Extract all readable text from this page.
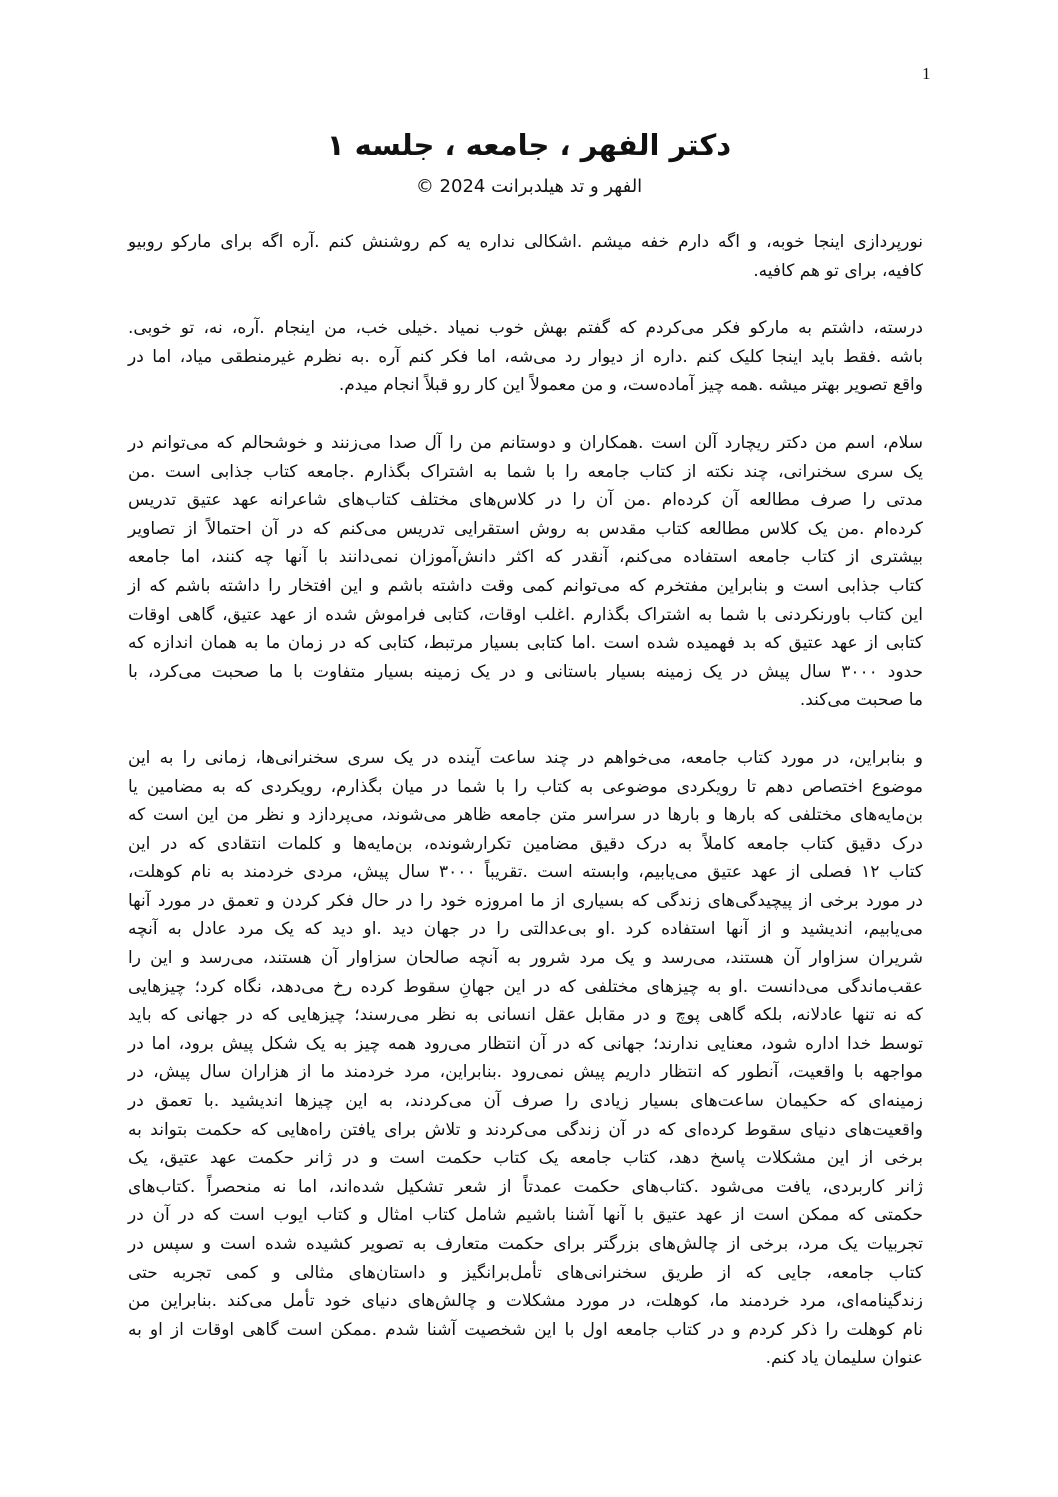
1
دکتر الفهر ، جامعه ، جلسه ۱
الفهر و تد هیلدبرانت 2024 ©
نورپردازی اینجا خوبه، و اگه دارم خفه میشم .اشکالی نداره یه کم روشنش کنم .آره اگه برای مارکو روبیو
کافیه، برای تو هم کافیه.
درسته، داشتم به مارکو فکر می‌کردم که گفتم بهش خوب نمیاد .خیلی خب، من اینجام .آره، نه، تو خوبی.
باشه .فقط باید اینجا کلیک کنم .داره از دیوار رد می‌شه، اما فکر کنم آره .به نظرم غیرمنطقی میاد، اما در
واقع تصویر بهتر میشه .همه چیز آماده‌ست، و من معمولاً این کار رو قبلاً انجام میدم.
سلام، اسم من دکتر ریچارد آلن است .همکاران و دوستانم من را آل صدا می‌زنند و خوشحالم که می‌توانم در
یک سری سخنرانی، چند نکته از کتاب جامعه را با شما به اشتراک بگذارم .جامعه کتاب جذابی است .من
مدتی را صرف مطالعه آن کرده‌ام .من آن را در کلاس‌های مختلف کتاب‌های شاعرانه عهد عتیق تدریس
کرده‌ام .من یک کلاس مطالعه کتاب مقدس به روش استقرایی تدریس می‌کنم که در آن احتمالاً از تصاویر
بیشتری از کتاب جامعه استفاده می‌کنم، آنقدر که اکثر دانش‌آموزان نمی‌دانند با آنها چه کنند، اما جامعه
کتاب جذابی است و بنابراین مفتخرم که می‌توانم کمی وقت داشته باشم و این افتخار را داشته باشم که از
این کتاب باورنکردنی با شما به اشتراک بگذارم .اغلب اوقات، کتابی فراموش شده از عهد عتیق، گاهی اوقات
کتابی از عهد عتیق که بد فهمیده شده است .اما کتابی بسیار مرتبط، کتابی که در زمان ما به همان اندازه که
حدود ۳۰۰۰ سال پیش در یک زمینه بسیار باستانی و در یک زمینه بسیار متفاوت با ما صحبت می‌کرد، با
ما صحبت می‌کند.
و بنابراین، در مورد کتاب جامعه، می‌خواهم در چند ساعت آینده در یک سری سخنرانی‌ها، زمانی را به این
موضوع اختصاص دهم تا رویکردی موضوعی به کتاب را با شما در میان بگذارم، رویکردی که به مضامین یا
بن‌مایه‌های مختلفی که بارها و بارها در سراسر متن جامعه ظاهر می‌شوند، می‌پردازد و نظر من این است که
درک دقیق کتاب جامعه کاملاً به درک دقیق مضامین تکرارشونده، بن‌مایه‌ها و کلمات انتقادی که در این
کتاب ۱۲ فصلی از عهد عتیق می‌یابیم، وابسته است .تقریباً ۳۰۰۰ سال پیش، مردی خردمند به نام کوهلت،
در مورد برخی از پیچیدگی‌های زندگی که بسیاری از ما امروزه خود را در حال فکر کردن و تعمق در مورد آنها
می‌یابیم، اندیشید و از آنها استفاده کرد .او بی‌عدالتی را در جهان دید .او دید که یک مرد عادل به آنچه
شریران سزاوار آن هستند، می‌رسد و یک مرد شرور به آنچه صالحان سزاوار آن هستند، می‌رسد و این را
عقب‌ماندگی می‌دانست .او به چیزهای مختلفی که در این جهانِ سقوط کرده رخ می‌دهد، نگاه کرد؛ چیزهایی
که نه تنها عادلانه، بلکه گاهی پوچ و در مقابل عقل انسانی به نظر می‌رسند؛ چیزهایی که در جهانی که باید
توسط خدا اداره شود، معنایی ندارند؛ جهانی که در آن انتظار می‌رود همه چیز به یک شکل پیش برود، اما در
مواجهه با واقعیت، آنطور که انتظار داریم پیش نمی‌رود .بنابراین، مرد خردمند ما از هزاران سال پیش، در
زمینه‌ای که حکیمان ساعت‌های بسیار زیادی را صرف آن می‌کردند، به این چیزها اندیشید .با تعمق در
واقعیت‌های دنیای سقوط کرده‌ای که در آن زندگی می‌کردند و تلاش برای یافتن راه‌هایی که حکمت بتواند به
برخی از این مشکلات پاسخ دهد، کتاب جامعه یک کتاب حکمت است و در ژانر حکمت عهد عتیق، یک
ژانر کاربردی، یافت می‌شود .کتاب‌های حکمت عمدتاً از شعر تشکیل شده‌اند، اما نه منحصراً .کتاب‌های
حکمتی که ممکن است از عهد عتیق با آنها آشنا باشیم شامل کتاب امثال و کتاب ایوب است که در آن در
تجربیات یک مرد، برخی از چالش‌های بزرگتر برای حکمت متعارف به تصویر کشیده شده است و سپس در
کتاب جامعه، جایی که از طریق سخنرانی‌های تأمل‌برانگیز و داستان‌های مثالی و کمی تجربه حتی
زندگینامه‌ای، مرد خردمند ما، کوهلت، در مورد مشکلات و چالش‌های دنیای خود تأمل می‌کند .بنابراین من
نام کوهلت را ذکر کردم و در کتاب جامعه اول با این شخصیت آشنا شدم .ممکن است گاهی اوقات از او به
عنوان سلیمان یاد کنم.
